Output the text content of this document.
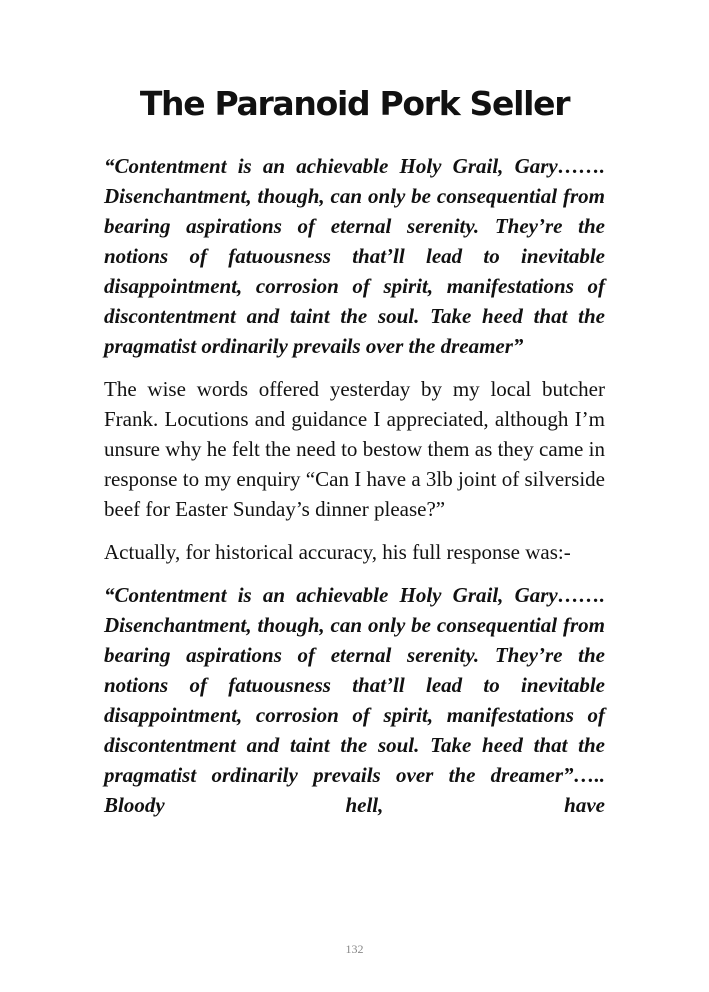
The Paranoid Pork Seller

“Contentment is an achievable Holy Grail, Gary……. Disenchantment, though, can only be consequential from bearing aspirations of eternal serenity. They’re the notions of fatuousness that’ll lead to inevitable disappointment, corrosion of spirit, manifestations of discontentment and taint the soul. Take heed that the pragmatist ordinarily prevails over the dreamer”

The wise words offered yesterday by my local butcher Frank. Locutions and guidance I appreciated, although I’m unsure why he felt the need to bestow them as they came in response to my enquiry “Can I have a 3lb joint of silverside beef for Easter Sunday’s dinner please?”

Actually, for historical accuracy, his full response was:-

“Contentment is an achievable Holy Grail, Gary……. Disenchantment, though, can only be consequential from bearing aspirations of eternal serenity. They’re the notions of fatuousness that’ll lead to inevitable disappointment, corrosion of spirit, manifestations of discontentment and taint the soul. Take heed that the pragmatist ordinarily prevails over the dreamer”….. Bloody hell, have

132
